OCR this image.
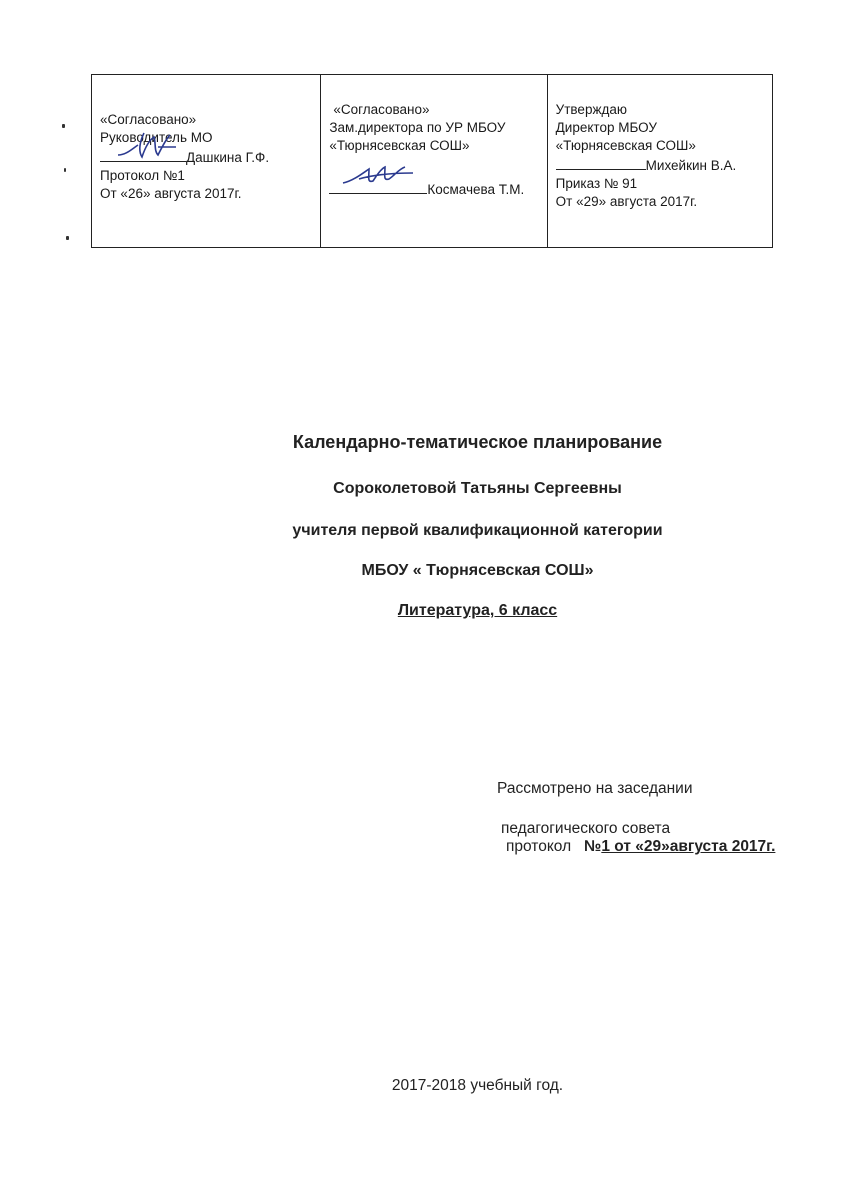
«Согласовано»
Руководитель МО
Дашкина Г.Ф.
Протокол №1
От «26» августа 2017г.
«Согласовано»
Зам.директора по УР МБОУ
«Тюрнясевская СОШ»
Космачева Т.М.
Утверждаю
Директор МБОУ
«Тюрнясевская СОШ»
Михейкин В.А.
Приказ № 91
От «29» августа 2017г.
Календарно-тематическое планирование
Сороколетовой Татьяны Сергеевны
учителя первой квалификационной категории
МБОУ « Тюрнясевская СОШ»
Литература, 6 класс
Рассмотрено на заседании
педагогического совета
протокол №1 от «29»августа 2017г.
2017-2018 учебный год.
